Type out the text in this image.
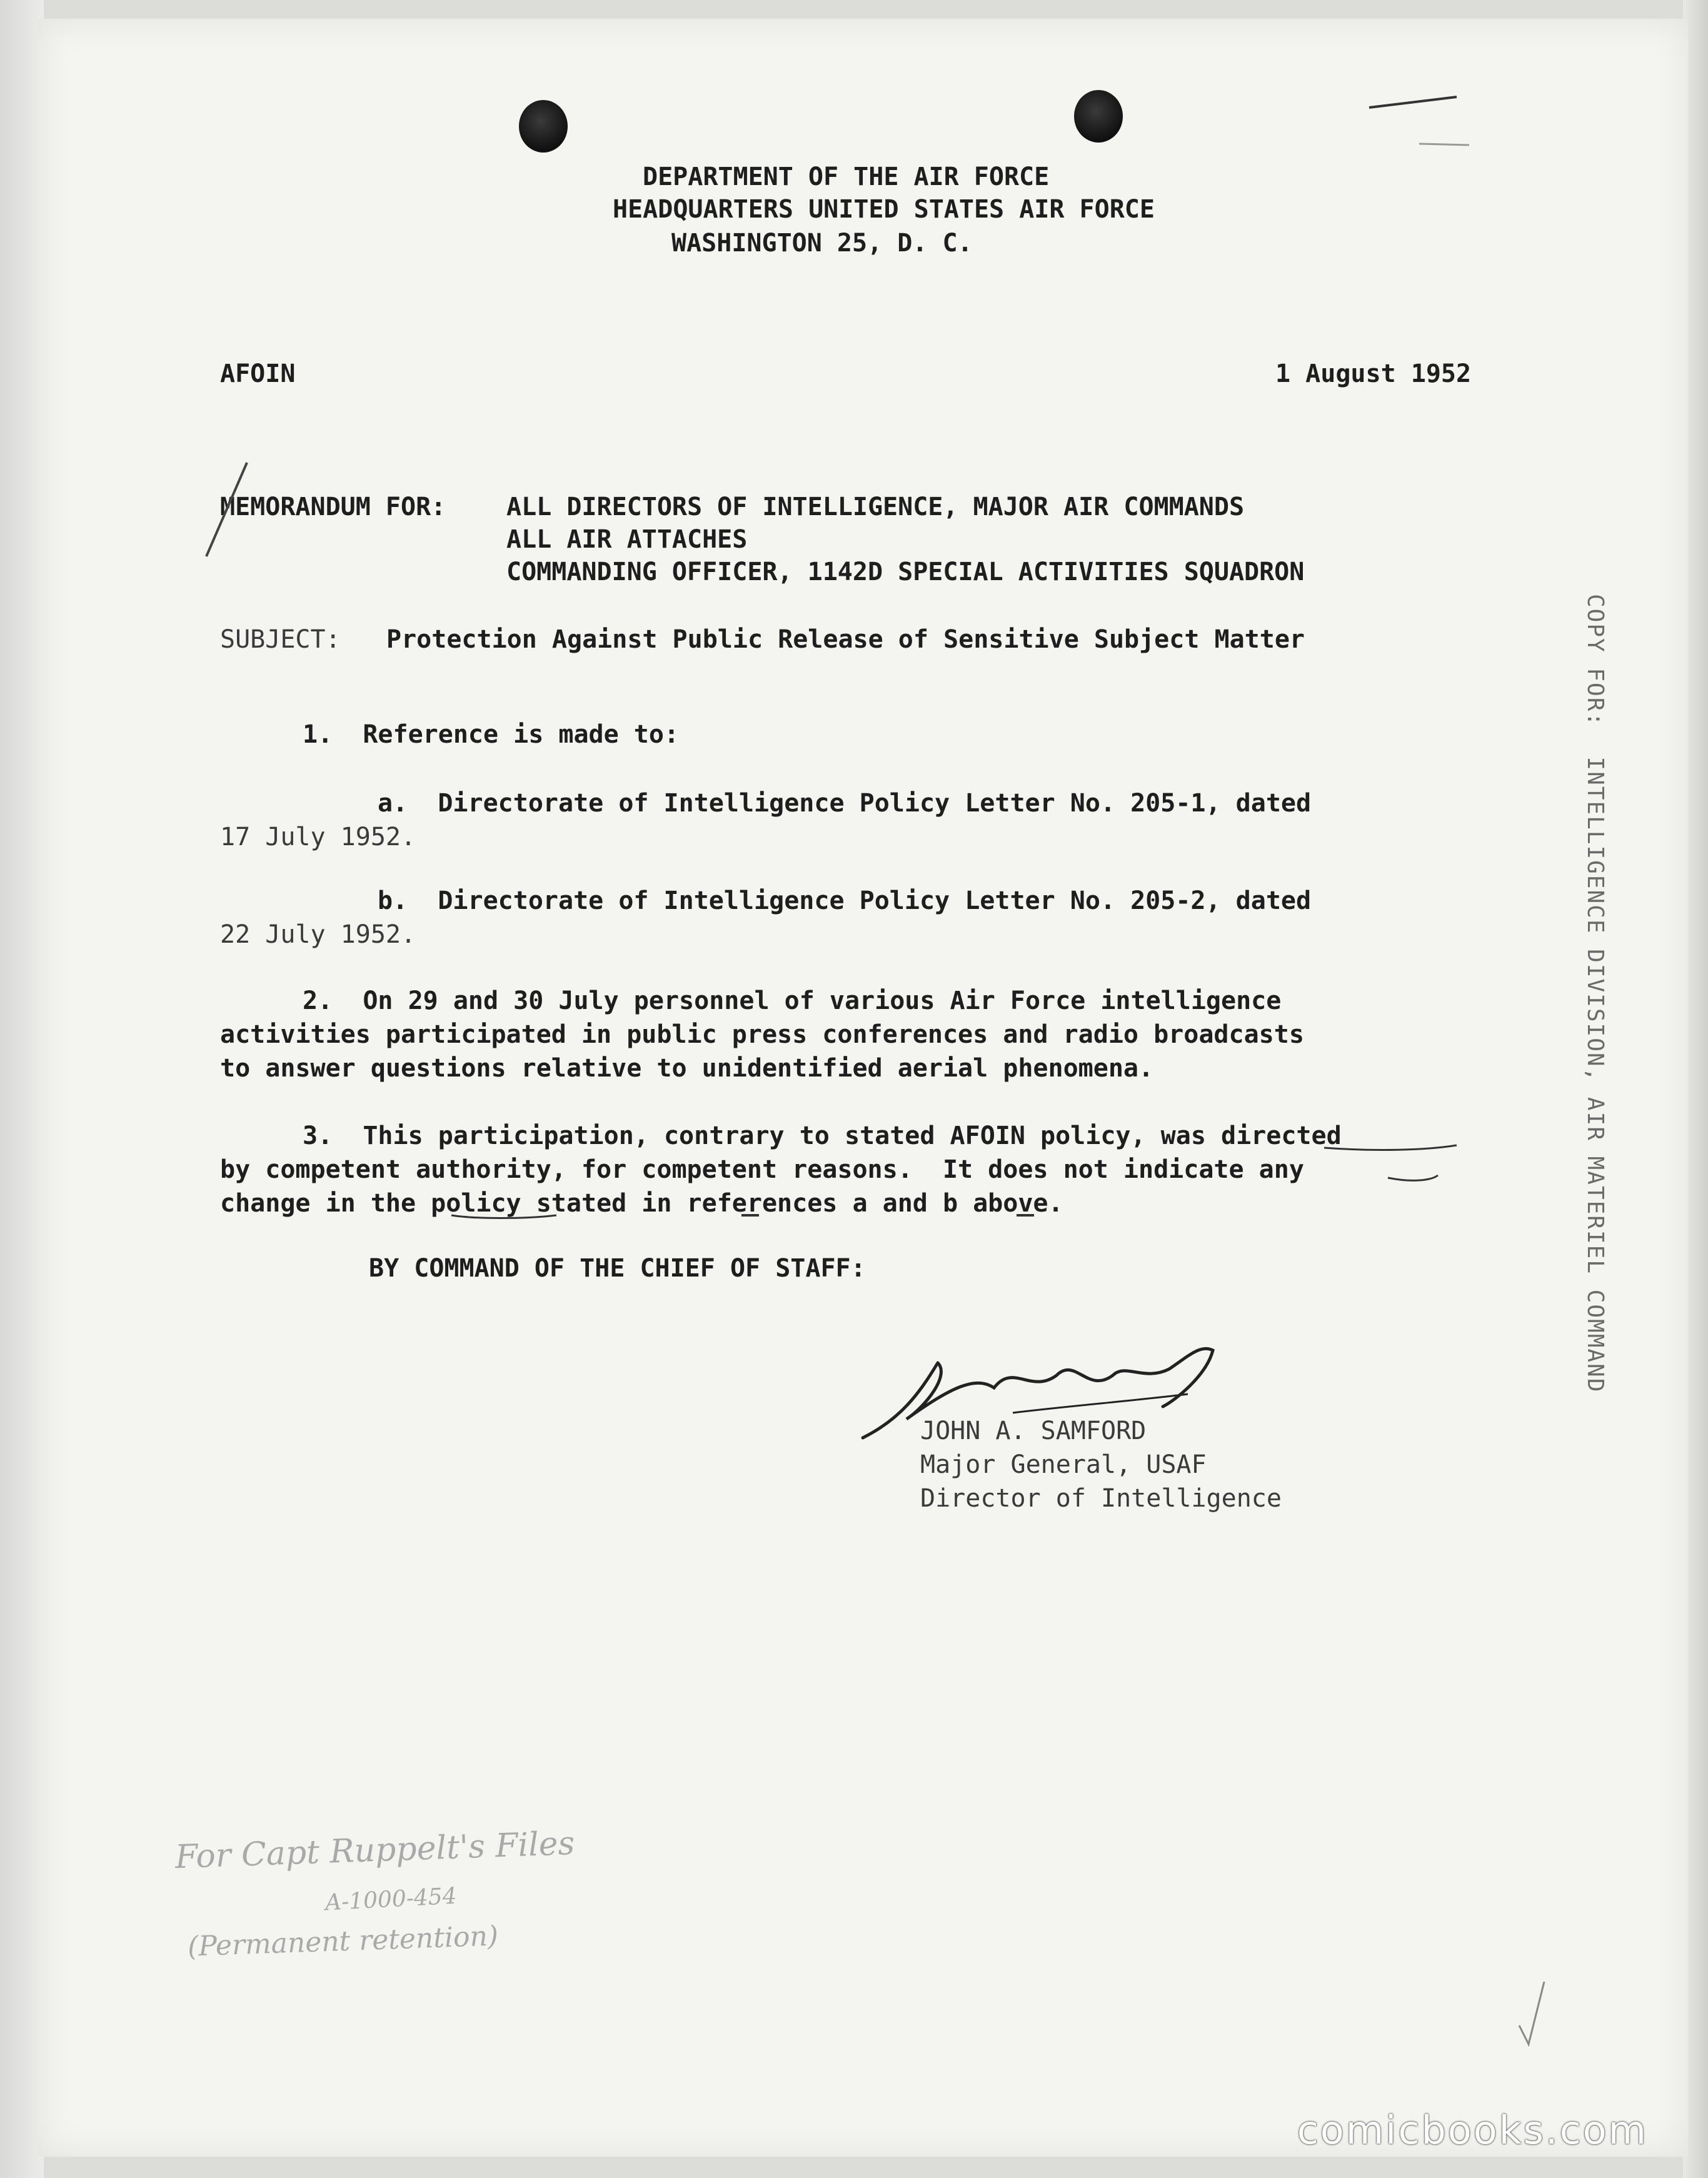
DEPARTMENT OF THE AIR FORCE
HEADQUARTERS UNITED STATES AIR FORCE
WASHINGTON 25, D. C.
AFOIN	1 August 1952
MEMORANDUM FOR: ALL DIRECTORS OF INTELLIGENCE, MAJOR AIR COMMANDS
ALL AIR ATTACHES
COMMANDING OFFICER, 1142D SPECIAL ACTIVITIES SQUADRON
SUBJECT: Protection Against Public Release of Sensitive Subject Matter
1.  Reference is made to:
a.  Directorate of Intelligence Policy Letter No. 205-1, dated
17 July 1952.
b.  Directorate of Intelligence Policy Letter No. 205-2, dated
22 July 1952.
2.  On 29 and 30 July personnel of various Air Force intelligence
activities participated in public press conferences and radio broadcasts
to answer questions relative to unidentified aerial phenomena.
3.  This participation, contrary to stated AFOIN policy, was directed
by competent authority, for competent reasons.  It does not indicate any
change in the policy stated in references a and b above.
BY COMMAND OF THE CHIEF OF STAFF:
JOHN A. SAMFORD
Major General, USAF
Director of Intelligence
COPY FOR:  INTELLIGENCE DIVISION, AIR MATERIEL COMMAND
For Capt Ruppelt's Files
A-1000-454
(Permanent retention)
comicbooks.com
